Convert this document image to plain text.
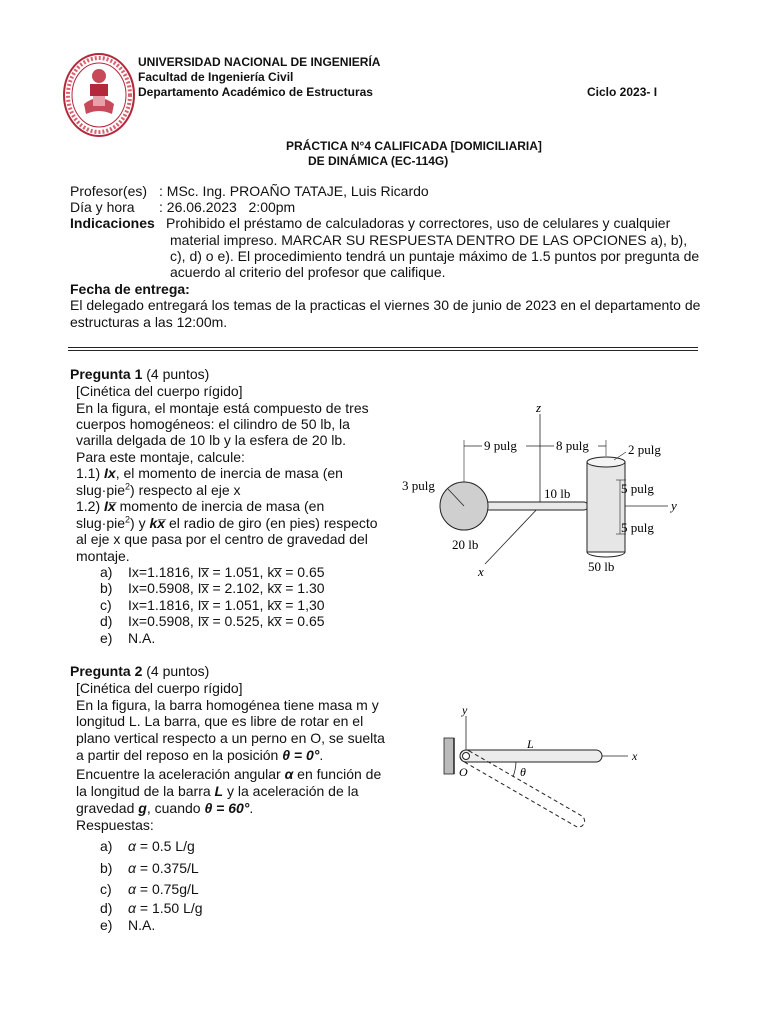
UNIVERSIDAD NACIONAL DE INGENIERÍA
Facultad de Ingeniería Civil
Departamento Académico de Estructuras	Ciclo 2023- I
PRÁCTICA N°4 CALIFICADA [DOMICILIARIA]
DE DINÁMICA (EC-114G)
Profesor(es) : MSc. Ing. PROAÑO TATAJE, Luis Ricardo
Día y hora : 26.06.2023   2:00pm
Indicaciones Prohibido el préstamo de calculadoras y correctores, uso de celulares y cualquier
material impreso. MARCAR SU RESPUESTA DENTRO DE LAS OPCIONES a), b),
c), d) o e). El procedimiento tendrá un puntaje máximo de 1.5 puntos por pregunta de
acuerdo al criterio del profesor que califique.
Fecha de entrega:
El delegado entregará los temas de la practicas el viernes 30 de junio de 2023 en el departamento de
estructuras a las 12:00m.
Pregunta 1 (4 puntos)
[Cinética del cuerpo rígido]
En la figura, el montaje está compuesto de tres
cuerpos homogéneos: el cilindro de 50 lb, la
varilla delgada de 10 lb y la esfera de 20 lb.
Para este montaje, calcule:
1.1) Ix, el momento de inercia de masa (en
slug·pie$^2$) respecto al eje x
1.2) Ix̅ momento de inercia de masa (en
slug·pie$^2$) y kx̅ el radio de giro (en pies) respecto
al eje x que pasa por el centro de gravedad del
montaje.
a) Ix=1.1816, Ix̅ = 1.051, kx̅ = 0.65
b) Ix=0.5908, Ix̅ = 2.102, kx̅ = 1.30
c) Ix=1.1816, Ix̅ = 1.051, kx̅ = 1,30
d) Ix=0.5908, Ix̅ = 0.525, kx̅ = 0.65
e) N.A.
z
y
x
9 pulg	8 pulg	2 pulg
3 pulg	5 pulg
5 pulg
10 lb
20 lb
50 lb
Pregunta 2 (4 puntos)
[Cinética del cuerpo rígido]
En la figura, la barra homogénea tiene masa m y
longitud L. La barra, que es libre de rotar en el
plano vertical respecto a un perno en O, se suelta
a partir del reposo en la posición θ = 0°.
Encuentre la aceleración angular α en función de
la longitud de la barra L y la aceleración de la
gravedad g, cuando θ = 60°.
Respuestas:
a) α = 0.5 L/g
b) α = 0.375/L
c) α = 0.75g/L
d) α = 1.50 L/g
e) N.A.
y
x
O	θ
L
